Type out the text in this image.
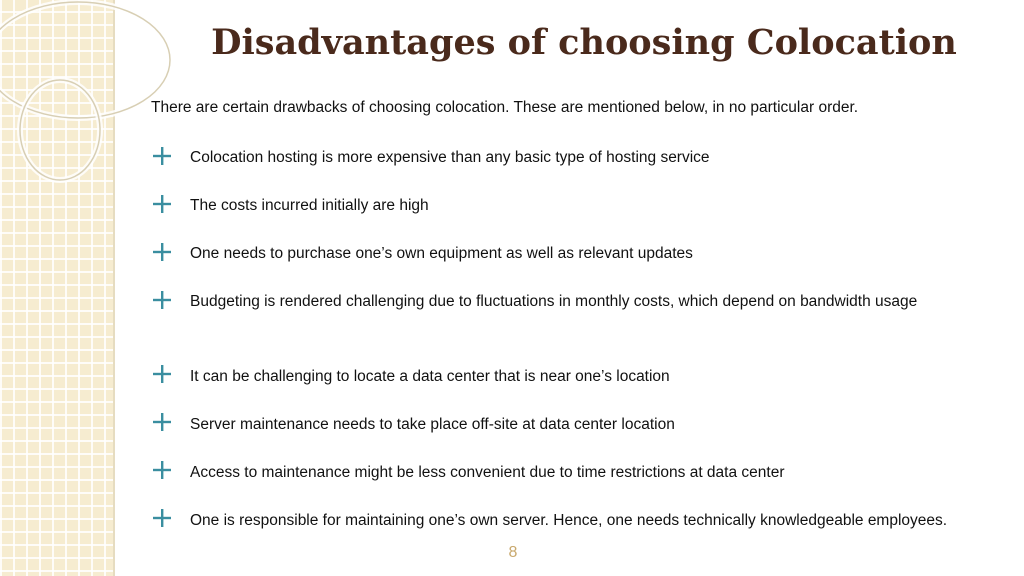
Disadvantages of choosing Colocation

There are certain drawbacks of choosing colocation. These are mentioned below, in no particular order.

Colocation hosting is more expensive than any basic type of hosting service
The costs incurred initially are high
One needs to purchase one’s own equipment as well as relevant updates
Budgeting is rendered challenging due to fluctuations in monthly costs, which depend on bandwidth usage
It can be challenging to locate a data center that is near one’s location
Server maintenance needs to take place off-site at data center location
Access to maintenance might be less convenient due to time restrictions at data center
One is responsible for maintaining one’s own server. Hence, one needs technically knowledgeable employees.
8
